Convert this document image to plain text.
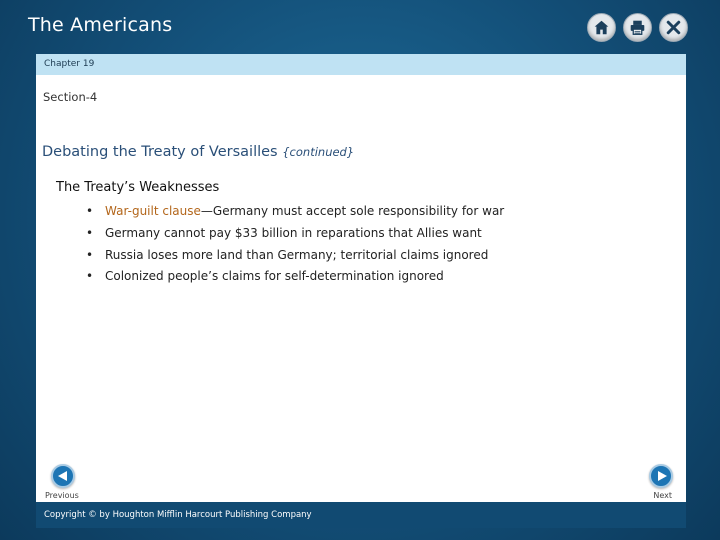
The Americans
Chapter 19
Section-4
Debating the Treaty of Versailles {continued}
The Treaty’s Weaknesses
• War-guilt clause—Germany must accept sole responsibility for war
• Germany cannot pay $33 billion in reparations that Allies want
• Russia loses more land than Germany; territorial claims ignored
• Colonized people’s claims for self-determination ignored
Previous	Next
Copyright © by Houghton Mifflin Harcourt Publishing Company
